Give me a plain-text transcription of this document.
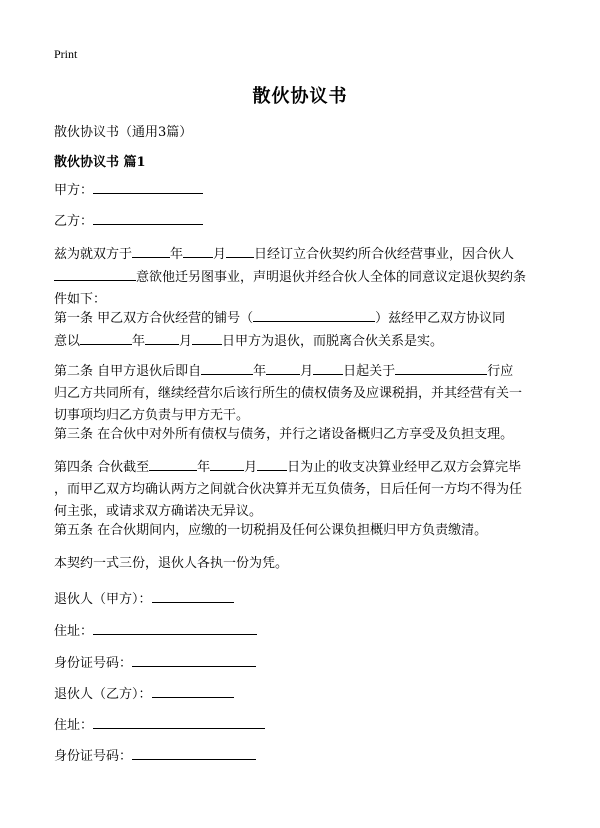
Print
散伙协议书
散伙协议书（通用3篇）
散伙协议书 篇1
甲方：
乙方：
兹为就双方于	年 月 日经订立合伙契约所合伙经营事业，因合伙人
意欲他迁另图事业，声明退伙并经合伙人全体的同意议定退伙契约条
件如下：
第一条 甲乙双方合伙经营的铺号（	）兹经甲乙双方协议同
意以	年	月 日甲方为退伙，而脱离合伙关系是实。
第二条 自甲方退伙后即自	年	月 日起关于	行应
归乙方共同所有，继续经营尔后该行所生的债权债务及应课税捐，并其经营有关一
切事项均归乙方负责与甲方无干。
第三条 在合伙中对外所有债权与债务，并行之诸设备概归乙方享受及负担支理。
第四条 合伙截至	年	月 日为止的收支决算业经甲乙双方会算完毕
，而甲乙双方均确认两方之间就合伙决算并无互负债务，日后任何一方均不得为任
何主张，或请求双方确诺决无异议。
第五条 在合伙期间内，应缴的一切税捐及任何公课负担概归甲方负责缴清。
本契约一式三份，退伙人各执一份为凭。
退伙人（甲方）：
住址：
身份证号码：
退伙人（乙方）：
住址：
身份证号码：
